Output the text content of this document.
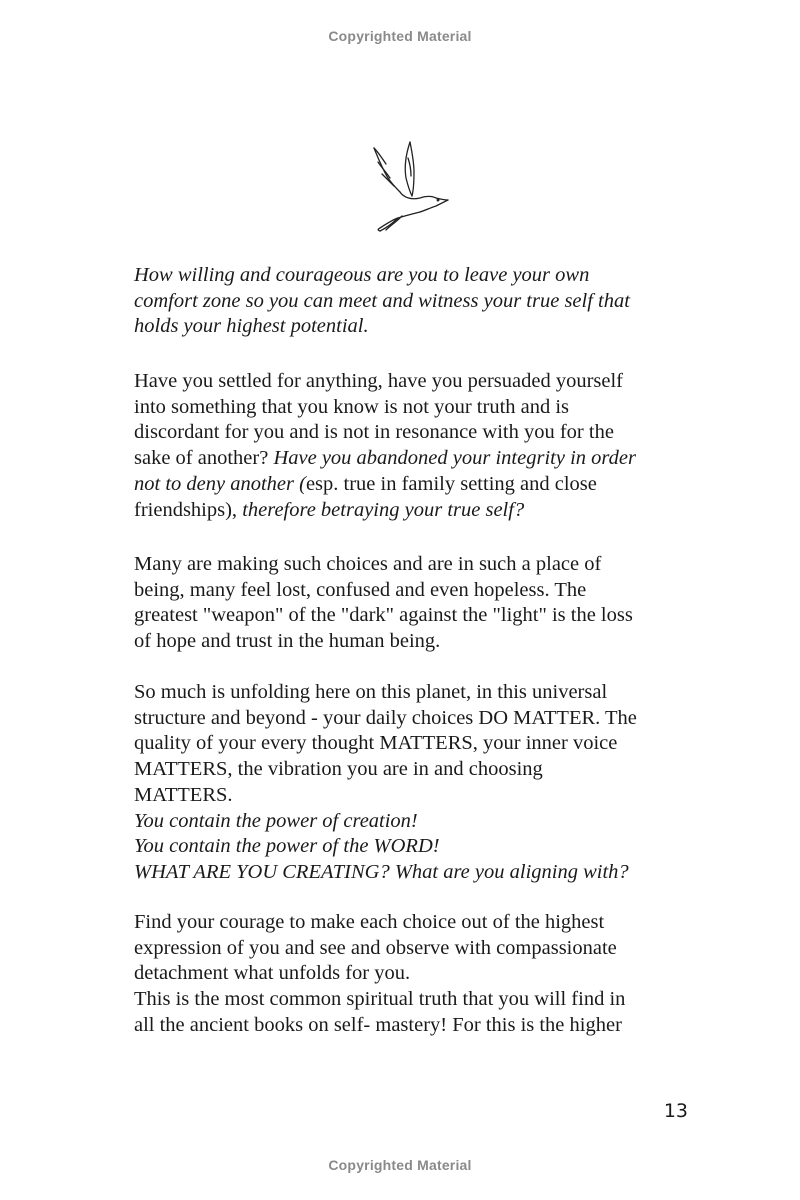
Copyrighted Material

How willing and courageous are you to leave your own

comfort zone so you can meet and witness your true self that

holds your highest potential.

Have you settled for anything, have you persuaded yourself

into something that you know is not your truth and is

discordant for you and is not in resonance with you for the

sake of another? Have you abandoned your integrity in order

not to deny another (esp. true in family setting and close

friendships), therefore betraying your true self?

Many are making such choices and are in such a place of

being, many feel lost, confused and even hopeless. The

greatest "weapon" of the "dark" against the "light" is the loss

of hope and trust in the human being.

So much is unfolding here on this planet, in this universal

structure and beyond - your daily choices DO MATTER. The

quality of your every thought MATTERS, your inner voice

MATTERS, the vibration you are in and choosing

MATTERS.

You contain the power of creation!

You contain the power of the WORD!

WHAT ARE YOU CREATING? What are you aligning with?

Find your courage to make each choice out of the highest

expression of you and see and observe with compassionate

detachment what unfolds for you.

This is the most common spiritual truth that you will find in

all the ancient books on self- mastery! For this is the higher

13
Copyrighted Material
